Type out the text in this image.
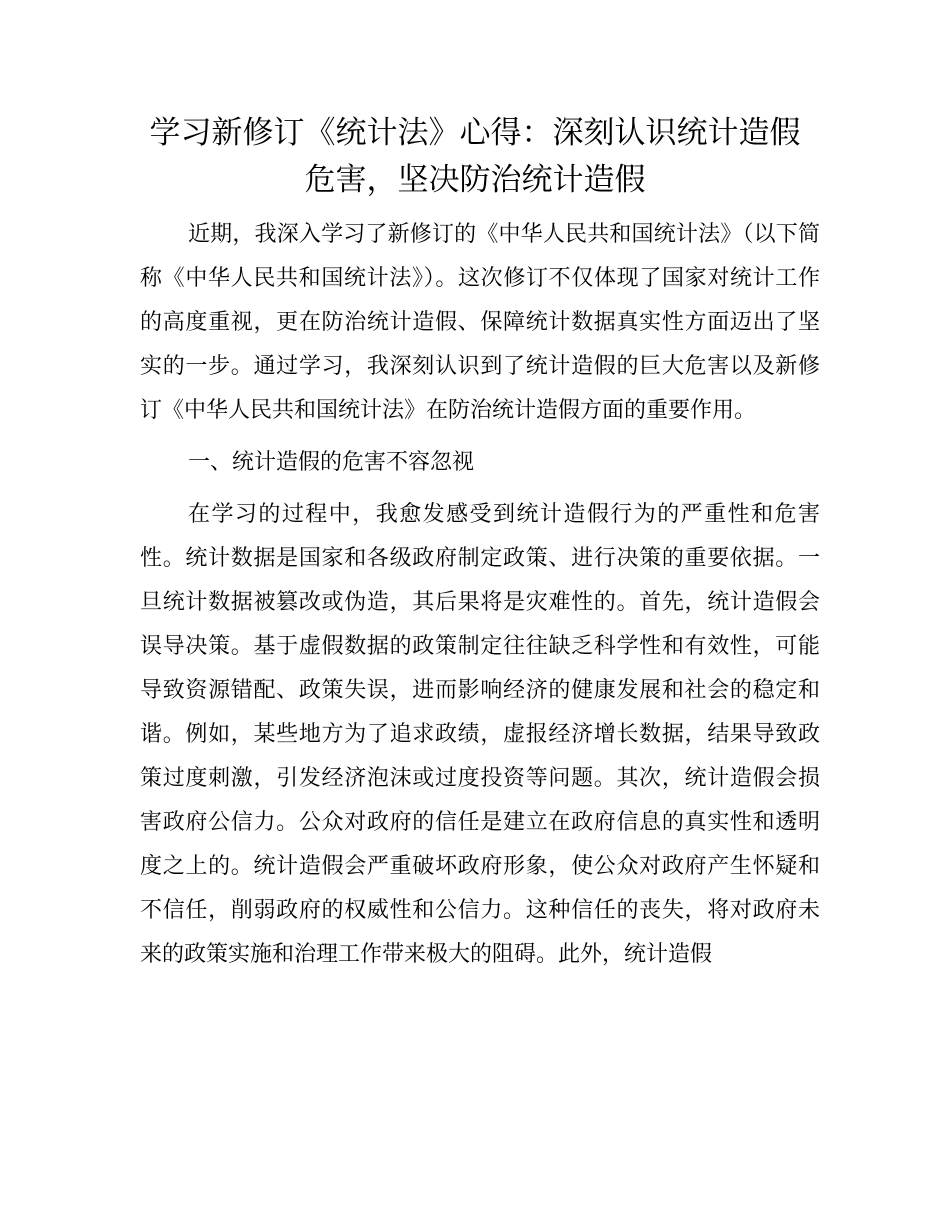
学习新修订《统计法》心得：深刻认识统计造假危害，坚决防治统计造假

近期，我深入学习了新修订的《中华人民共和国统计法》（以下简称《中华人民共和国统计法》）。这次修订不仅体现了国家对统计工作的高度重视，更在防治统计造假、保障统计数据真实性方面迈出了坚实的一步。通过学习，我深刻认识到了统计造假的巨大危害以及新修订《中华人民共和国统计法》在防治统计造假方面的重要作用。

一、统计造假的危害不容忽视

在学习的过程中，我愈发感受到统计造假行为的严重性和危害性。统计数据是国家和各级政府制定政策、进行决策的重要依据。一旦统计数据被篡改或伪造，其后果将是灾难性的。首先，统计造假会误导决策。基于虚假数据的政策制定往往缺乏科学性和有效性，可能导致资源错配、政策失误，进而影响经济的健康发展和社会的稳定和谐。例如，某些地方为了追求政绩，虚报经济增长数据，结果导致政策过度刺激，引发经济泡沫或过度投资等问题。其次，统计造假会损害政府公信力。公众对政府的信任是建立在政府信息的真实性和透明度之上的。统计造假会严重破坏政府形象，使公众对政府产生怀疑和不信任，削弱政府的权威性和公信力。这种信任的丧失，将对政府未来的政策实施和治理工作带来极大的阻碍。此外，统计造假
